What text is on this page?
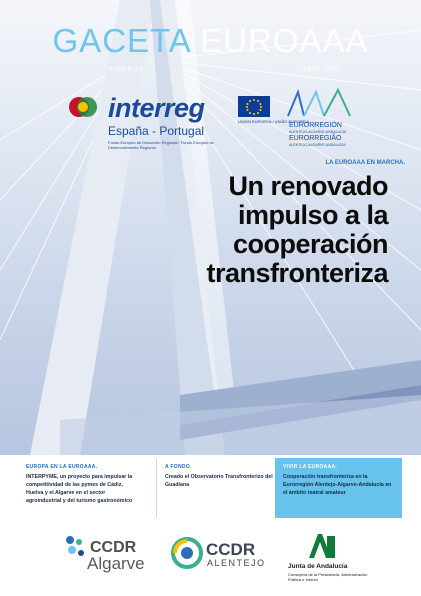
GACETA EUROAAA
NÚMERO 2	ABRIL 2022
interreg
España - Portugal
Fondo Europeo de Desarrollo Regional / Fundo Europeu de Desenvolvimento Regional
UNIÓN EUROPEA / UNIÃO EUROPEIA
EURORREGIÓN
ALENTEJO-ALGARVE-ANDALUCÍA
EURORREGIÃO
ALENTEJO-ALGARVE-ANDALUZIA
LA EUROAAA EN MARCHA.
Un renovado
impulso a la
cooperación
transfronteriza
EUROPA EN LA EUROAAA.
INTERPYME, un proyecto para impulsar la competitividad de las pymes de Cádiz, Huelva y el Algarve en el sector agroindustrial y del turismo gastronómico
A FONDO.
Creado el Observatorio Transfronterizo del Guadiana
VIVIR LA EUROAAA.
Cooperación transfronteriza en la Eurorregión Alentejo-Algarve-Andalucía en el ámbito teatral amateur
CCDR
Algarve
CCDR
ALENTEJO	Junta de Andalucía
Consejería de la Presidencia, Administración Pública e Interior
